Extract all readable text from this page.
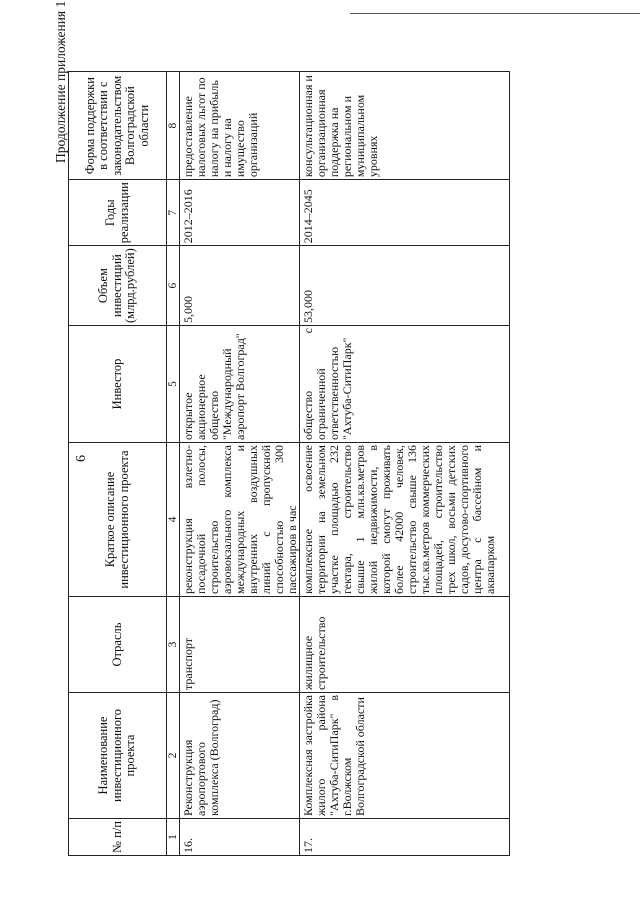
6
Продолжение приложения 1
№ п/п	Наименование инвестиционного проекта	Отрасль	Краткое описание инвестиционного проекта	Инвестор	Объем инвестиций (млрд.рублей)	Годы реализации	Форма поддержки в соответствии с законодательством Волгоградской области
1	2	3	4	5	6	7	8
16.	Реконструкция аэропортового комплекса (Волгоград)	транспорт	реконструкция взлетно-посадочной полосы, строительство аэровокзального комплекса международных и внутренних воздушных линий с пропускной способностью 300 пассажиров в час	открытое акционерное общество "Международный аэропорт Волгоград"	5,000	2012–2016	предоставление налоговых льгот по налогу на прибыль и налогу на имущество организаций
17.	Комплексная застройка жилого района "Ахтуба-СитиПарк" в г.Волжском Волгоградской области	жилищное строительство	комплексное освоение территории на земельном участке площадью 232 гектара, строительство свыше 1 млн.кв.метров жилой недвижимости, в которой смогут проживать более 42000 человек, строительство свыше 136 тыс.кв.метров коммерческих площадей, строительство трех школ, восьми детских садов, досугово-спортивного центра с бассейном и аквапарком	общество с ограниченной ответственностью "Ахтуба-СитиПарк"	53,000	2014–2045	консультационная и организационная поддержка на региональном и муниципальном уровнях
